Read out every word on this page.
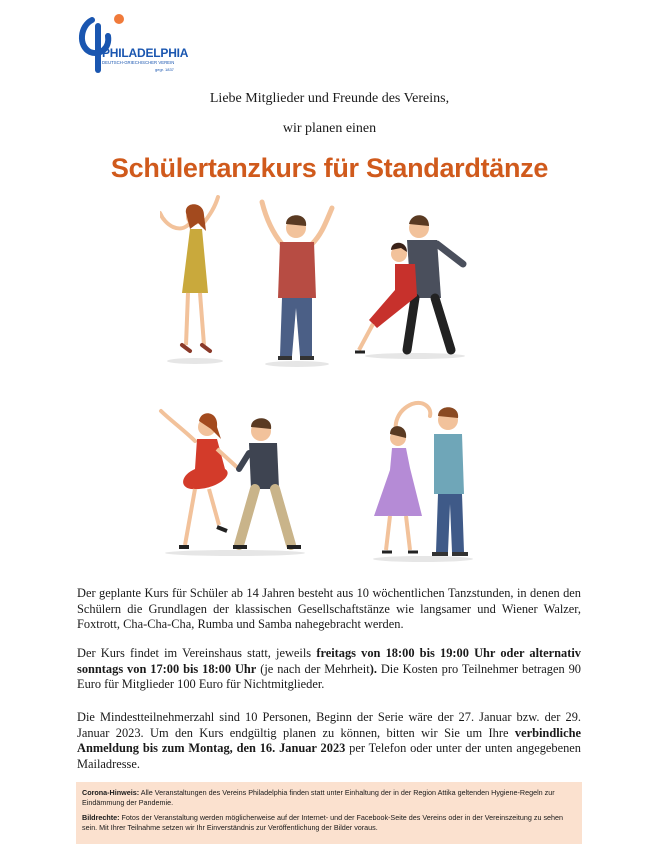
PHILADELPHIA
DEUTSCH-GRIECHISCHER VEREIN
gegr. 1837
Liebe Mitglieder und Freunde des Vereins,
wir planen einen
Schülertanzkurs für Standardtänze
Der geplante Kurs für Schüler ab 14 Jahren besteht aus 10 wöchentlichen Tanzstunden, in denen den Schülern die Grundlagen der klassischen Gesellschaftstänze wie langsamer und Wiener Walzer, Foxtrott, Cha-Cha-Cha, Rumba und Samba nahegebracht werden.
Der Kurs findet im Vereinshaus statt, jeweils freitags von 18:00 bis 19:00 Uhr oder alternativ sonntags von 17:00 bis 18:00 Uhr (je nach der Mehrheit). Die Kosten pro Teilnehmer betragen 90 Euro für Mitglieder 100 Euro für Nichtmitglieder.
Die Mindestteilnehmerzahl sind 10 Personen, Beginn der Serie wäre der 27. Januar bzw. der 29. Januar 2023. Um den Kurs endgültig planen zu können, bitten wir Sie um Ihre verbindliche Anmeldung bis zum Montag, den 16. Januar 2023 per Telefon oder unter der unten angegebenen Mailadresse.

Corona-Hinweis: Alle Veranstaltungen des Vereins Philadelphia finden statt unter Einhaltung der in der Region Attika geltenden Hygiene-Regeln zur Eindämmung der Pandemie.

Bildrechte: Fotos der Veranstaltung werden möglicherweise auf der Internet- und der Facebook-Seite des Vereins oder in der Vereinszeitung zu sehen sein. Mit Ihrer Teilnahme setzen wir Ihr Einverständnis zur Veröffentlichung der Bilder voraus.
